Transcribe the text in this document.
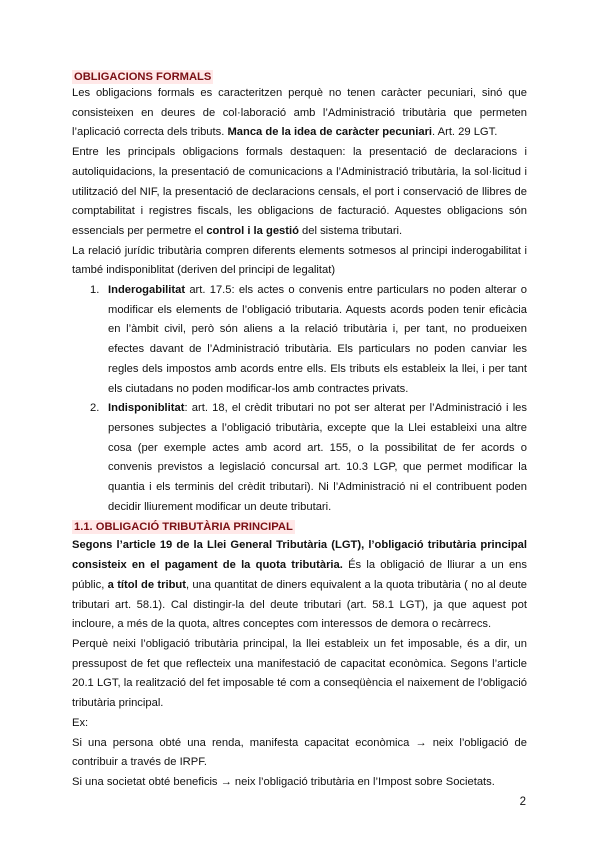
OBLIGACIONS FORMALS

Les obligacions formals es caracteritzen perquè no tenen caràcter pecuniari, sinó que consisteixen en deures de col·laboració amb l’Administració tributària que permeten l’aplicació correcta dels tributs. Manca de la idea de caràcter pecuniari. Art. 29 LGT.

Entre les principals obligacions formals destaquen: la presentació de declaracions i autoliquidacions, la presentació de comunicacions a l’Administració tributària, la sol·licitud i utilització del NIF, la presentació de declaracions censals, el port i conservació de llibres de comptabilitat i registres fiscals, les obligacions de facturació. Aquestes obligacions són essencials per permetre el control i la gestió del sistema tributari.

La relació jurídic tributària compren diferents elements sotmesos al principi inderogabilitat i també indisponiblitat (deriven del principi de legalitat)

1. Inderogabilitat art. 17.5: els actes o convenis entre particulars no poden alterar o modificar els elements de l’obligació tributaria. Aquests acords poden tenir eficàcia en l’àmbit civil, però són aliens a la relació tributària i, per tant, no produeixen efectes davant de l’Administració tributària. Els particulars no poden canviar les regles dels impostos amb acords entre ells. Els tributs els estableix la llei, i per tant els ciutadans no poden modificar-los amb contractes privats.
2. Indisponiblitat: art. 18, el crèdit tributari no pot ser alterat per l’Administració i les persones subjectes a l’obligació tributària, excepte que la Llei estableixi una altre cosa (per exemple actes amb acord art. 155, o la possibilitat de fer acords o convenis previstos a legislació concursal art. 10.3 LGP, que permet modificar la quantia i els terminis del crèdit tributari). Ni l’Administració ni el contribuent poden decidir lliurement modificar un deute tributari.
1.1. OBLIGACIÓ TRIBUTÀRIA PRINCIPAL

Segons l’article 19 de la Llei General Tributària (LGT), l’obligació tributària principal consisteix en el pagament de la quota tributària. És la obligació de lliurar a un ens públic, a títol de tribut, una quantitat de diners equivalent a la quota tributària ( no al deute tributari art. 58.1). Cal distingir-la del deute tributari (art. 58.1 LGT), ja que aquest pot incloure, a més de la quota, altres conceptes com interessos de demora o recàrrecs.

Perquè neixi l’obligació tributària principal, la llei estableix un fet imposable, és a dir, un pressupost de fet que reflecteix una manifestació de capacitat econòmica. Segons l’article 20.1 LGT, la realització del fet imposable té com a conseqüència el naixement de l’obligació tributària principal.

Ex:

Si una persona obté una renda, manifesta capacitat econòmica → neix l’obligació de contribuir a través de IRPF.

Si una societat obté beneficis → neix l’obligació tributària en l’Impost sobre Societats.

2
